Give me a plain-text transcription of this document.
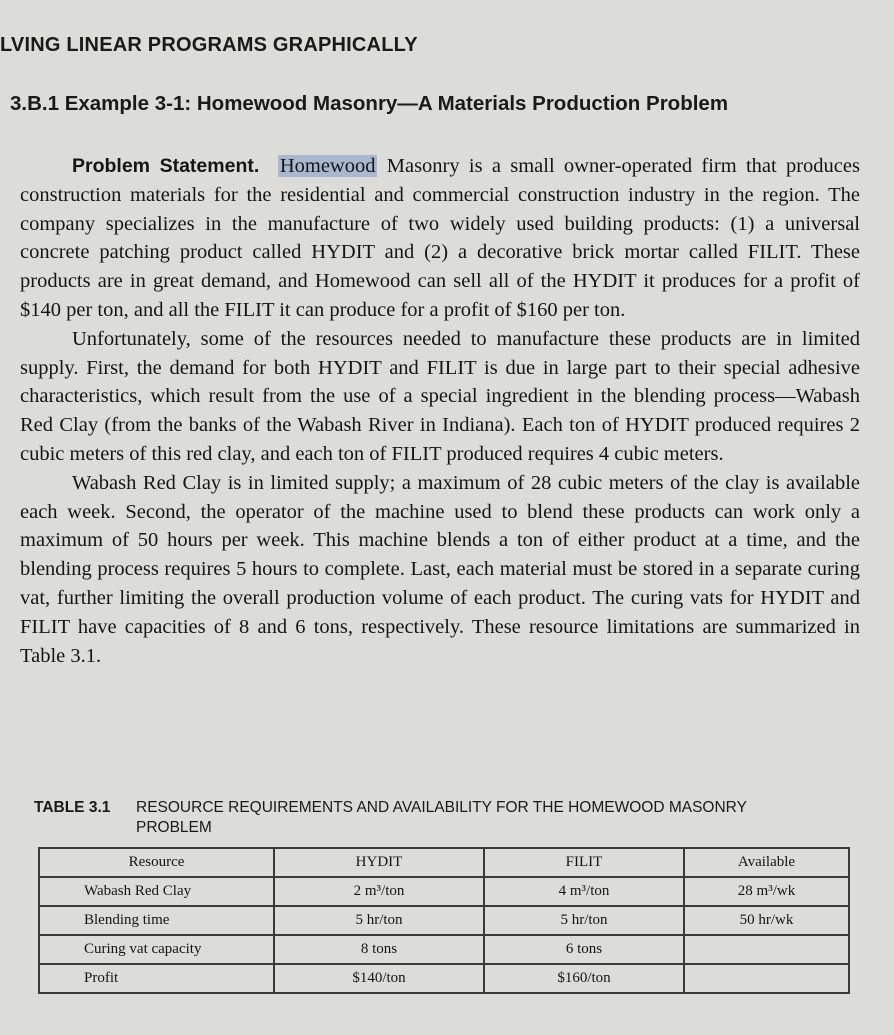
LVING LINEAR PROGRAMS GRAPHICALLY
3.B.1 Example 3-1: Homewood Masonry—A Materials Production Problem

Problem Statement. Homewood Masonry is a small owner-operated firm that produces construction materials for the residential and commercial construction industry in the region. The company specializes in the manufacture of two widely used building products: (1) a universal concrete patching product called HYDIT and (2) a decorative brick mortar called FILIT. These products are in great demand, and Homewood can sell all of the HYDIT it produces for a profit of $140 per ton, and all the FILIT it can produce for a profit of $160 per ton.

Unfortunately, some of the resources needed to manufacture these products are in limited supply. First, the demand for both HYDIT and FILIT is due in large part to their special adhesive characteristics, which result from the use of a special ingredient in the blending process—Wabash Red Clay (from the banks of the Wabash River in Indiana). Each ton of HYDIT produced requires 2 cubic meters of this red clay, and each ton of FILIT produced requires 4 cubic meters.

Wabash Red Clay is in limited supply; a maximum of 28 cubic meters of the clay is available each week. Second, the operator of the machine used to blend these products can work only a maximum of 50 hours per week. This machine blends a ton of either product at a time, and the blending process requires 5 hours to complete. Last, each material must be stored in a separate curing vat, further limiting the overall production volume of each product. The curing vats for HYDIT and FILIT have capacities of 8 and 6 tons, respectively. These resource limitations are summarized in Table 3.1.

TABLE 3.1	RESOURCE REQUIREMENTS AND AVAILABILITY FOR THE HOMEWOOD MASONRY PROBLEM
Resource	HYDIT	FILIT	Available
Wabash Red Clay	2 m³/ton	4 m³/ton	28 m³/wk
Blending time	5 hr/ton	5 hr/ton	50 hr/wk
Curing vat capacity	8 tons	6 tons	
Profit	$140/ton	$160/ton	
